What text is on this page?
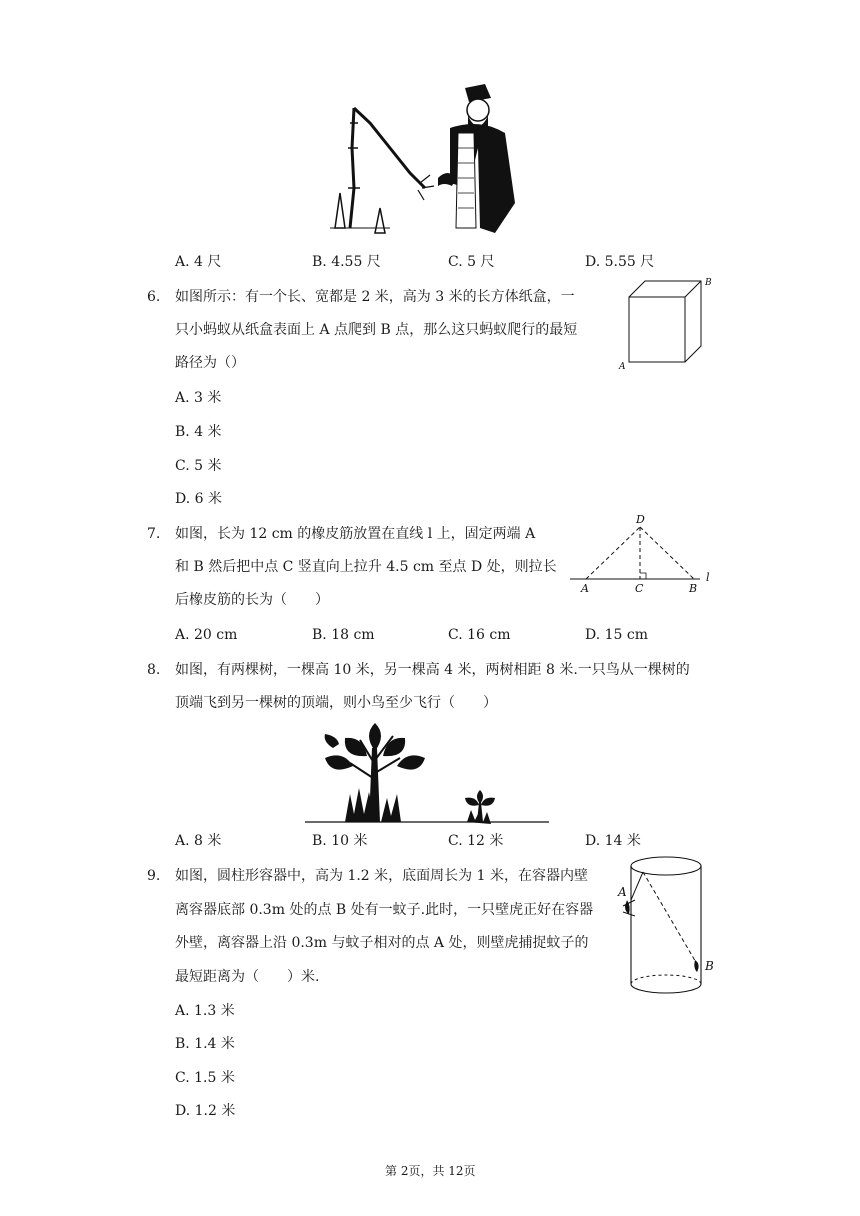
A. 4 尺	B. 4.55 尺	C. 5 尺	D. 5.55 尺
6. 如图所示：有一个长、宽都是 2 米，高为 3 米的长方体纸盒，一
只小蚂蚁从纸盒表面上 A 点爬到 B 点，那么这只蚂蚁爬行的最短
路径为（）	A
B
A. 3 米
B. 4 米
C. 5 米
D. 6 米
7. 如图，长为 12 cm 的橡皮筋放置在直线 l 上，固定两端 A
和 B 然后把中点 C 竖直向上拉升 4.5 cm 至点 D 处，则拉长
后橡皮筋的长为（　　）
D
A	C	B
l
A. 20 cm	B. 18 cm	C. 16 cm	D. 15 cm
8. 如图，有两棵树，一棵高 10 米，另一棵高 4 米，两树相距 8 米.一只鸟从一棵树的
顶端飞到另一棵树的顶端，则小鸟至少飞行（　　）
A. 8 米	B. 10 米	C. 12 米	D. 14 米
9. 如图，圆柱形容器中，高为 1.2 米，底面周长为 1 米，在容器内壁
离容器底部 0.3m 处的点 B 处有一蚊子.此时，一只壁虎正好在容器
外壁，离容器上沿 0.3m 与蚊子相对的点 A 处，则壁虎捕捉蚊子的
最短距离为（　　）米.
A
B
A. 1.3 米
B. 1.4 米
C. 1.5 米
D. 1.2 米
第 2页，共 12页
